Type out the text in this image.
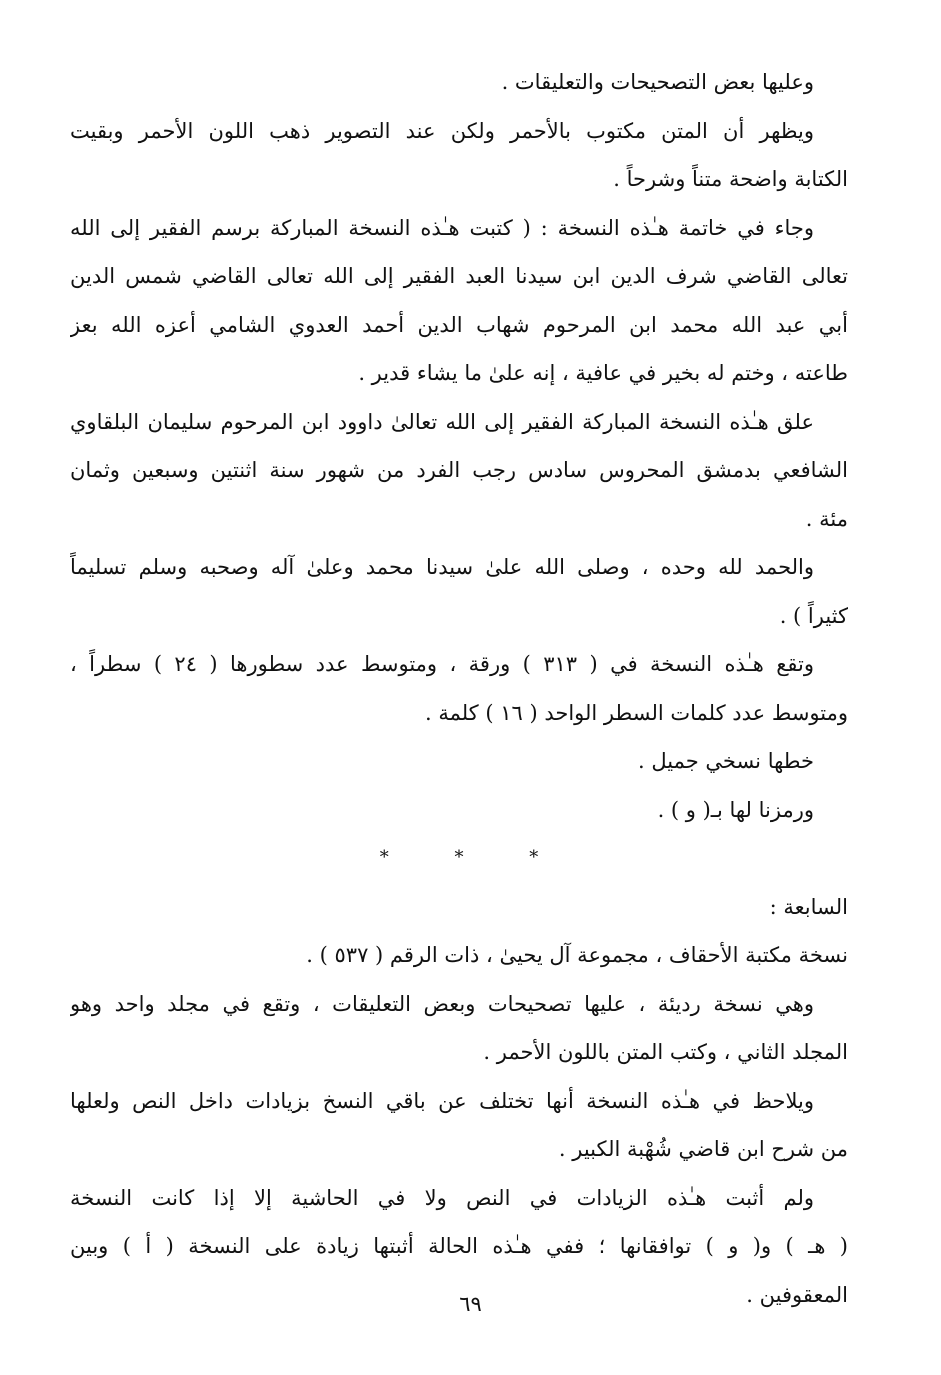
وعليها بعض التصحيحات والتعليقات .
ويظهر أن المتن مكتوب بالأحمر ولكن عند التصوير ذهب اللون الأحمر وبقيت
الكتابة واضحة متناً وشرحاً .
وجاء في خاتمة هـٰذه النسخة : ( كتبت هـٰذه النسخة المباركة برسم الفقير إلى الله
تعالى القاضي شرف الدين ابن سيدنا العبد الفقير إلى الله تعالى القاضي شمس الدين
أبي عبد الله محمد ابن المرحوم شهاب الدين أحمد العدوي الشامي أعزه الله بعز
طاعته ، وختم له بخير في عافية ، إنه علىٰ ما يشاء قدير .
علق هـٰذه النسخة المباركة الفقير إلى الله تعالىٰ داوود ابن المرحوم سليمان البلقاوي
الشافعي بدمشق المحروس سادس رجب الفرد من شهور سنة اثنتين وسبعين وثمان
مئة .
والحمد لله وحده ، وصلى الله علىٰ سيدنا محمد وعلىٰ آله وصحبه وسلم تسليماً
كثيراً ) .
وتقع هـٰذه النسخة في ( ٣١٣ ) ورقة ، ومتوسط عدد سطورها ( ٢٤ ) سطراً ،
ومتوسط عدد كلمات السطر الواحد ( ١٦ ) كلمة .
خطها نسخي جميل .
ورمزنا لها بـ( و ) .
* * *
السابعة :
نسخة مكتبة الأحقاف ، مجموعة آل يحيىٰ ، ذات الرقم ( ٥٣٧ ) .
وهي نسخة رديئة ، عليها تصحيحات وبعض التعليقات ، وتقع في مجلد واحد وهو
المجلد الثاني ، وكتب المتن باللون الأحمر .
ويلاحظ في هـٰذه النسخة أنها تختلف عن باقي النسخ بزيادات داخل النص ولعلها
من شرح ابن قاضي شُهْبة الكبير .
ولم أثبت هـٰذه الزيادات في النص ولا في الحاشية إلا إذا كانت النسخة
( هـ ) و( و ) توافقانها ؛ ففي هـٰذه الحالة أثبتها زيادة على النسخة ( أ ) وبين
المعقوفين .
٦٩
